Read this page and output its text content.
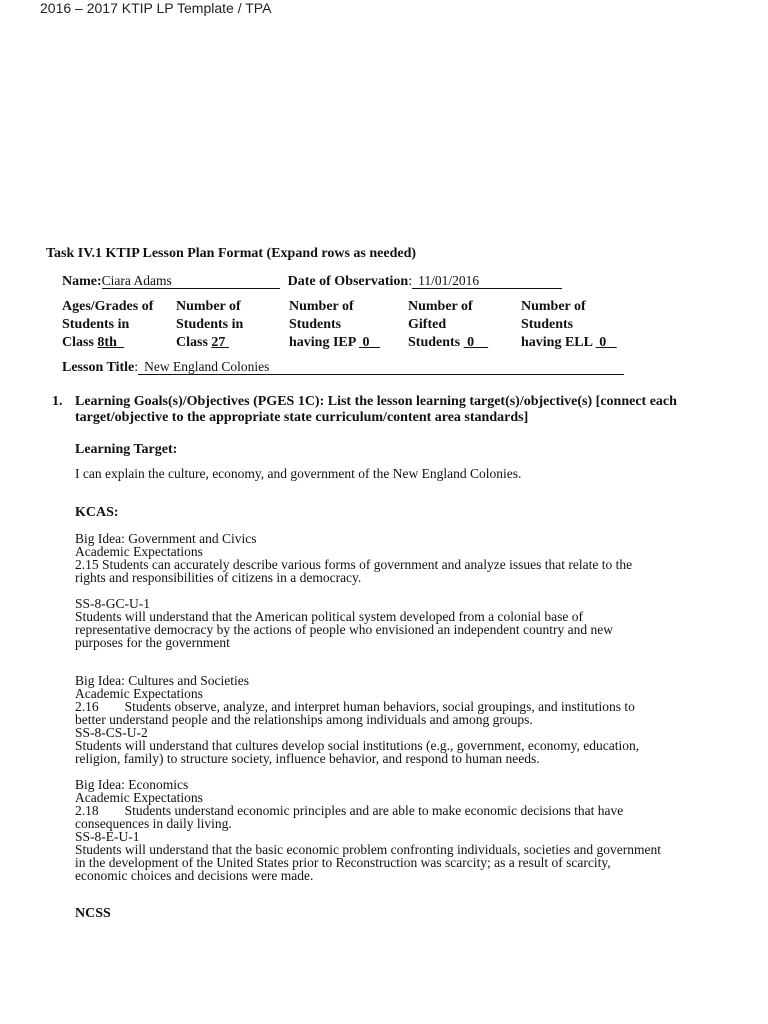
2016 – 2017 KTIP LP Template / TPA
Task IV.1 KTIP Lesson Plan Format (Expand rows as needed)
Name:Ciara Adams	Date of Observation: 11/01/2016
Ages/Grades of
Students in
Class 8th
Number of
Students in
Class 27
Number of
Students
having IEP 0
Number of
Gifted
Students 0
Number of
Students
having ELL 0
Lesson Title: New England Colonies
1. Learning Goals(s)/Objectives (PGES 1C): List the lesson learning target(s)/objective(s) [connect each target/objective to the appropriate state curriculum/content area standards]
Learning Target:
I can explain the culture, economy, and government of the New England Colonies.
KCAS:
Big Idea: Government and Civics
Academic Expectations
2.15 Students can accurately describe various forms of government and analyze issues that relate to the
rights and responsibilities of citizens in a democracy.
SS-8-GC-U-1
Students will understand that the American political system developed from a colonial base of
representative democracy by the actions of people who envisioned an independent country and new
purposes for the government
Big Idea: Cultures and Societies
Academic Expectations
2.16 Students observe, analyze, and interpret human behaviors, social groupings, and institutions to
better understand people and the relationships among individuals and among groups.
SS-8-CS-U-2
Students will understand that cultures develop social institutions (e.g., government, economy, education,
religion, family) to structure society, influence behavior, and respond to human needs.
Big Idea: Economics
Academic Expectations
2.18 Students understand economic principles and are able to make economic decisions that have
consequences in daily living.
SS-8-E-U-1
Students will understand that the basic economic problem confronting individuals, societies and government
in the development of the United States prior to Reconstruction was scarcity; as a result of scarcity,
economic choices and decisions were made.
NCSS
